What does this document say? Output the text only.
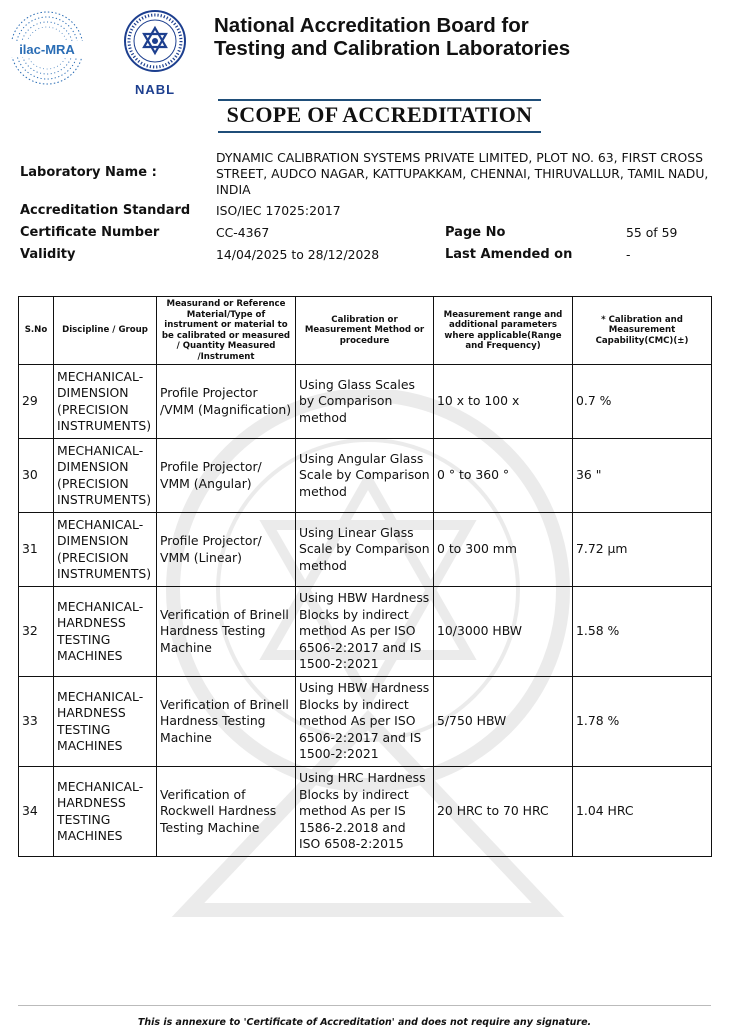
ilac-MRA
NABL
National Accreditation Board for
Testing and Calibration Laboratories
SCOPE OF ACCREDITATION
Laboratory Name :
DYNAMIC CALIBRATION SYSTEMS PRIVATE LIMITED, PLOT NO. 63, FIRST CROSS
STREET, AUDCO NAGAR, KATTUPAKKAM, CHENNAI, THIRUVALLUR, TAMIL NADU,
INDIA
Accreditation Standard ISO/IEC 17025:2017
Certificate Number	CC-4367	Page No	55 of 59
Validity	14/04/2025 to 28/12/2028	Last Amended on	-
S.No	Discipline / Group	Measurand or Reference Material/Type of instrument or material to be calibrated or measured / Quantity Measured /Instrument	Calibration or Measurement Method or procedure	Measurement range and additional parameters where applicable(Range and Frequency)	* Calibration and Measurement Capability(CMC)(±)
29	MECHANICAL- DIMENSION (PRECISION INSTRUMENTS)	Profile Projector /VMM (Magnification)	Using Glass Scales by Comparison method	10 x to 100 x	0.7 %
30	MECHANICAL- DIMENSION (PRECISION INSTRUMENTS)	Profile Projector/ VMM (Angular)	Using Angular Glass Scale by Comparison method	0 ° to 360 °	36 "
31	MECHANICAL- DIMENSION (PRECISION INSTRUMENTS)	Profile Projector/ VMM (Linear)	Using Linear Glass Scale by Comparison method	0 to 300 mm	7.72 µm
32	MECHANICAL- HARDNESS TESTING MACHINES	Verification of Brinell Hardness Testing Machine	Using HBW Hardness Blocks by indirect method As per ISO 6506-2:2017 and IS 1500-2:2021	10/3000 HBW	1.58 %
33	MECHANICAL- HARDNESS TESTING MACHINES	Verification of Brinell Hardness Testing Machine	Using HBW Hardness Blocks by indirect method As per ISO 6506-2:2017 and IS 1500-2:2021	5/750 HBW	1.78 %
34	MECHANICAL- HARDNESS TESTING MACHINES	Verification of Rockwell Hardness Testing Machine	Using HRC Hardness Blocks by indirect method As per IS 1586-2.2018 and ISO 6508-2:2015	20 HRC to 70 HRC	1.04 HRC
This is annexure to 'Certificate of Accreditation' and does not require any signature.
